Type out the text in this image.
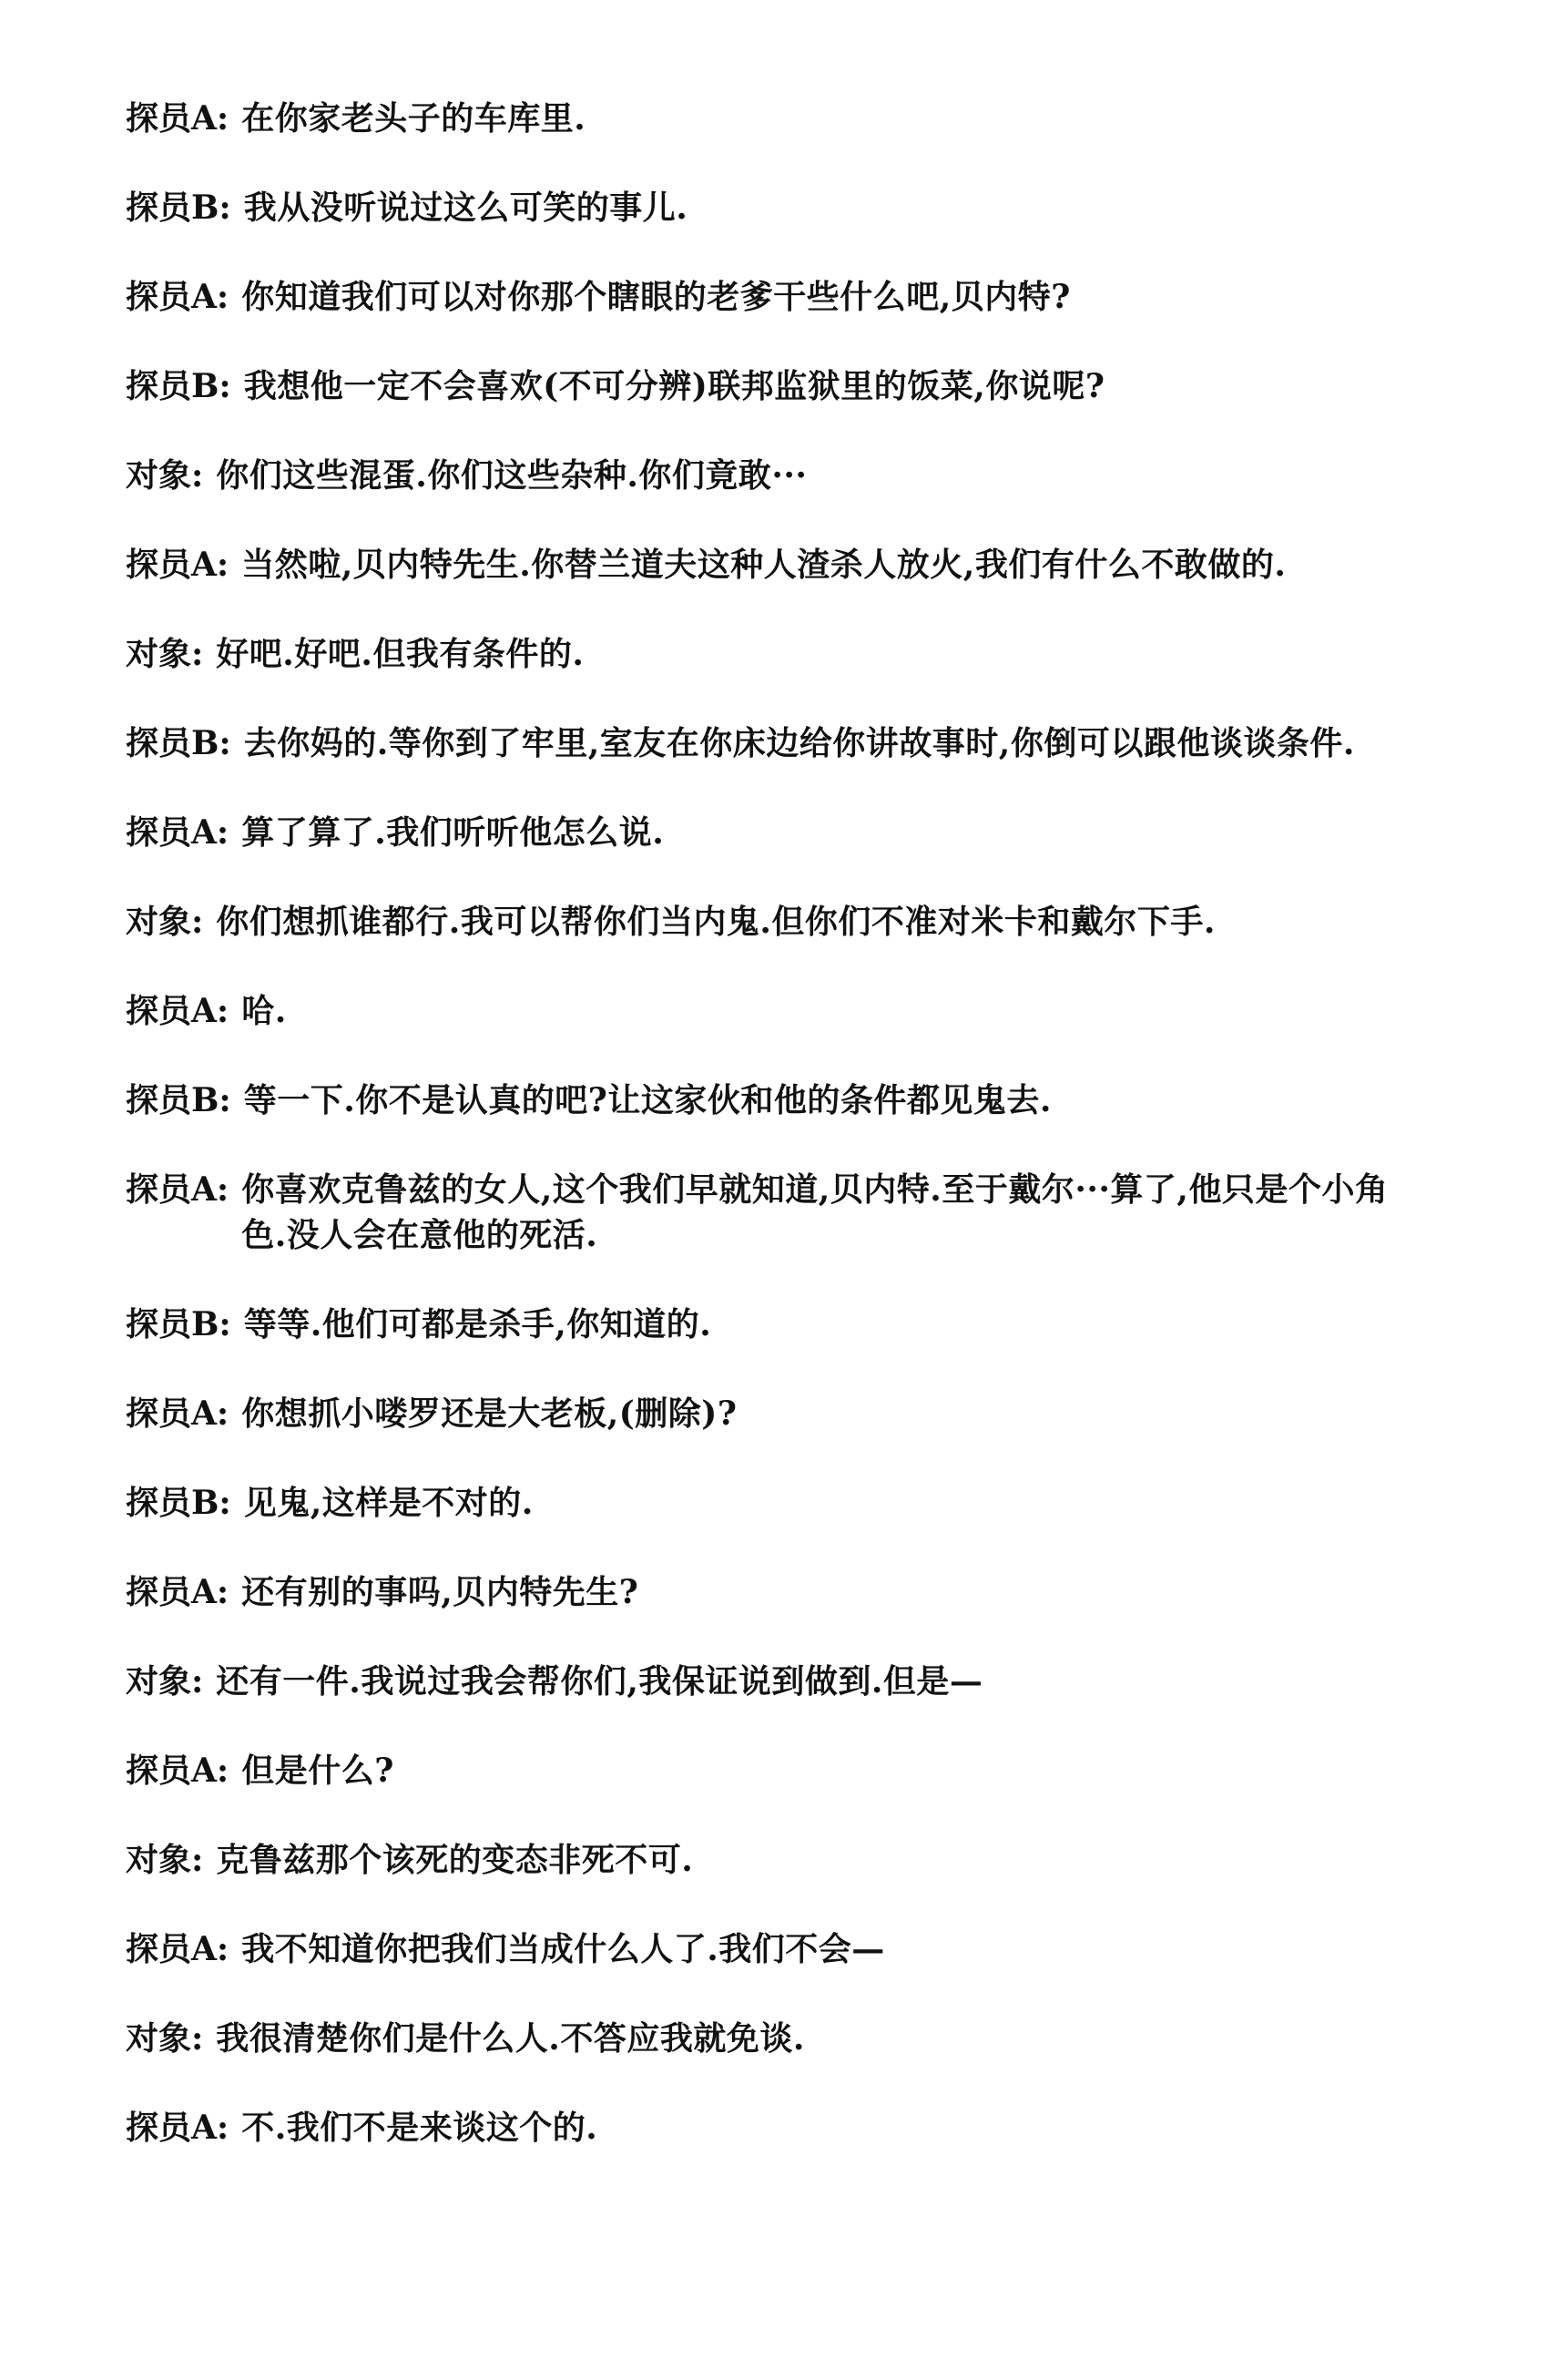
探员A: 在你家老头子的车库里.
探员B: 我从没听说过这么可笑的事儿.
探员A: 你知道我们可以对你那个瞎眼的老爹干些什么吧,贝内特?
探员B: 我想他一定不会喜欢(不可分辨)联邦监狱里的饭菜,你说呢?
对象: 你们这些混蛋.你们这些杂种.你们竟敢···
探员A: 当然啦,贝内特先生.你替兰道夫这种人渣杀人放火,我们有什么不敢做的.
对象: 好吧.好吧.但我有条件的.
探员B: 去你妈的.等你到了牢里,室友在你床边给你讲故事时,你倒可以跟他谈谈条件.
探员A: 算了算了.我们听听他怎么说.
对象: 你们想抓谁都行.我可以帮你们当内鬼.但你们不准对米卡和戴尔下手.
探员A: 哈.
探员B: 等一下.你不是认真的吧?让这家伙和他的条件都见鬼去.
探员A: 你喜欢克鲁兹的女人,这个我们早就知道,贝内特.至于戴尔···算了,他只是个小角色.没人会在意他的死活.
探员B: 等等.他们可都是杀手,你知道的.
探员A: 你想抓小喽罗还是大老板,(删除)?
探员B: 见鬼,这样是不对的.
探员A: 还有别的事吗,贝内特先生?
对象: 还有一件.我说过我会帮你们,我保证说到做到.但是—
探员A: 但是什么?
对象: 克鲁兹那个该死的变态非死不可.
探员A: 我不知道你把我们当成什么人了.我们不会—
对象: 我很清楚你们是什么人.不答应我就免谈.
探员A: 不.我们不是来谈这个的.
